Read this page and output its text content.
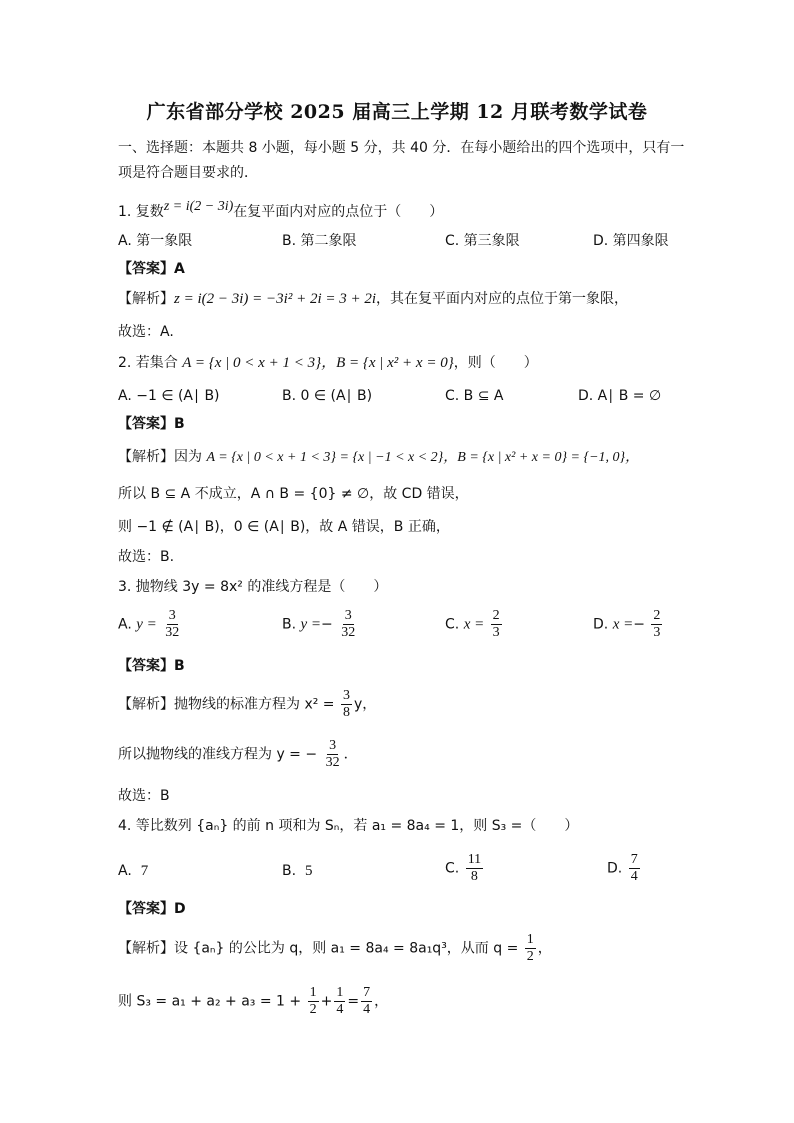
广东省部分学校 2025 届高三上学期 12 月联考数学试卷
一、选择题：本题共 8 小题，每小题 5 分，共 40 分．在每小题给出的四个选项中，只有一
项是符合题目要求的．
1. 复数z = i(2 − 3i)在复平面内对应的点位于（　　）
A. 第一象限	B. 第二象限	C. 第三象限	D. 第四象限
【答案】A
【解析】z = i(2 − 3i) = −3i² + 2i = 3 + 2i，其在复平面内对应的点位于第一象限，
故选：A.
2. 若集合 A = {x | 0 < x + 1 < 3}，B = {x | x² + x = 0}，则（　　）
A. −1 ∈ (A∣ B)	B. 0 ∈ (A∣ B)	C. B ⊆ A	D. A∣ B = ∅
【答案】B
【解析】因为 A = {x | 0 < x + 1 < 3} = {x | −1 < x < 2}，B = {x | x² + x = 0} = {−1, 0}，
所以 B ⊆ A 不成立，A ∩ B = {0} ≠ ∅，故 CD 错误，
则 −1 ∉ (A∣ B)，0 ∈ (A∣ B)，故 A 错误，B 正确，
故选：B.
3. 抛物线 3y = 8x² 的准线方程是（　　）
A. $y = \frac{3}{32}$	B. $y =- \frac{3}{32}$	C. $x = \frac{2}{3}$	D. $x =- \frac{2}{3}$
【答案】B
【解析】抛物线的标准方程为 $x^2 = \frac{3}{8}$ y，
所以抛物线的准线方程为 y = − $\frac{3}{32}$ ．
故选：B
4. 等比数列 {aₙ} 的前 n 项和为 Sₙ，若 a₁ = 8a₄ = 1，则 S₃ =（　　）
A. 7	B. 5	C. $\frac{11}{8}$	D. $\frac{7}{4}$
【答案】D
【解析】设 {aₙ} 的公比为 q，则 a₁ = 8a₄ = 8a₁q³，从而 $q = \frac{1}{2}$ ，
则 $S_3 = a_1 + a_2 + a_3 = 1 + \frac{1}{2} + \frac{1}{4} = \frac{7}{4}$ ，
